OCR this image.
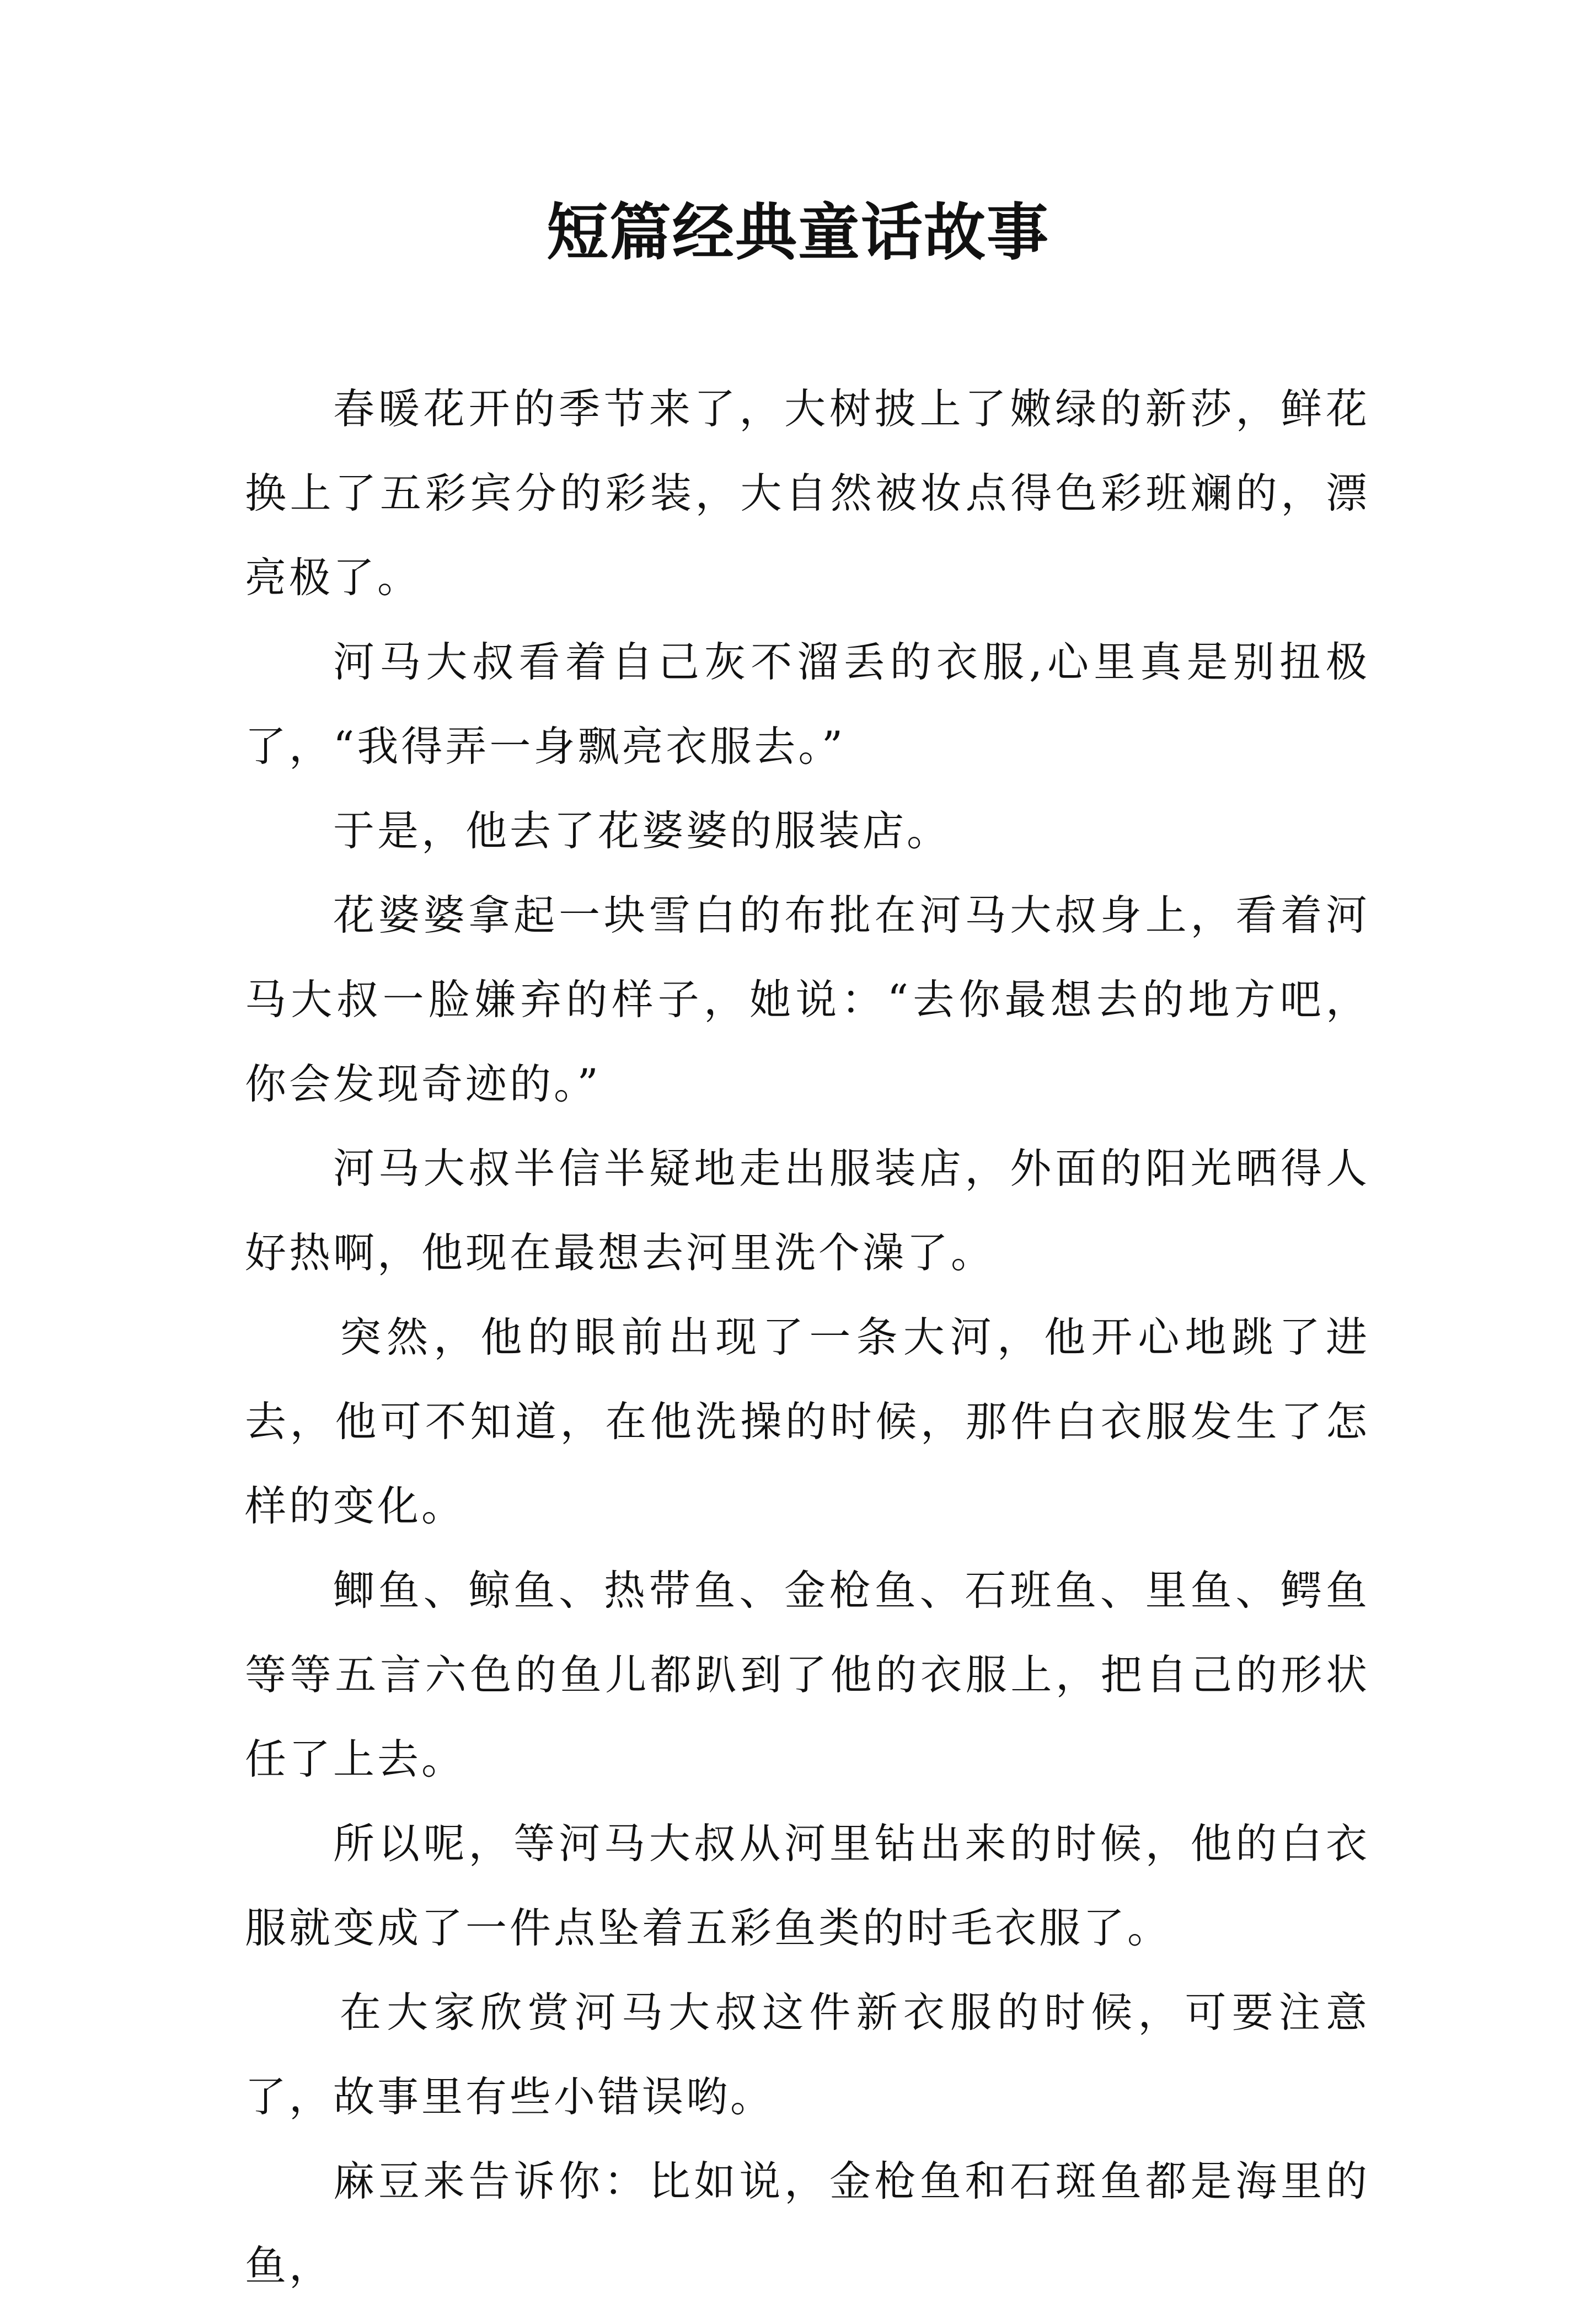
短篇经典童话故事

春暖花开的季节来了，大树披上了嫩绿的新莎，鲜花换上了五彩宾分的彩装，大自然被妆点得色彩班斓的，漂亮极了。

河马大叔看着自己灰不溜丢的衣服,心里真是别扭极了，“我得弄一身飘亮衣服去。”

于是，他去了花婆婆的服装店。

花婆婆拿起一块雪白的布批在河马大叔身上，看着河马大叔一脸嫌弃的样子，她说：“去你最想去的地方吧，你会发现奇迹的。”

河马大叔半信半疑地走出服装店，外面的阳光晒得人好热啊，他现在最想去河里洗个澡了。

突然，他的眼前出现了一条大河，他开心地跳了进去，他可不知道，在他洗操的时候，那件白衣服发生了怎样的变化。

鲫鱼、鲸鱼、热带鱼、金枪鱼、石班鱼、里鱼、鳄鱼等等五言六色的鱼儿都趴到了他的衣服上，把自己的形状任了上去。

所以呢，等河马大叔从河里钻出来的时候，他的白衣服就变成了一件点坠着五彩鱼类的时毛衣服了。

在大家欣赏河马大叔这件新衣服的时候，可要注意了，故事里有些小错误哟。

麻豆来告诉你：比如说，金枪鱼和石斑鱼都是海里的鱼，
